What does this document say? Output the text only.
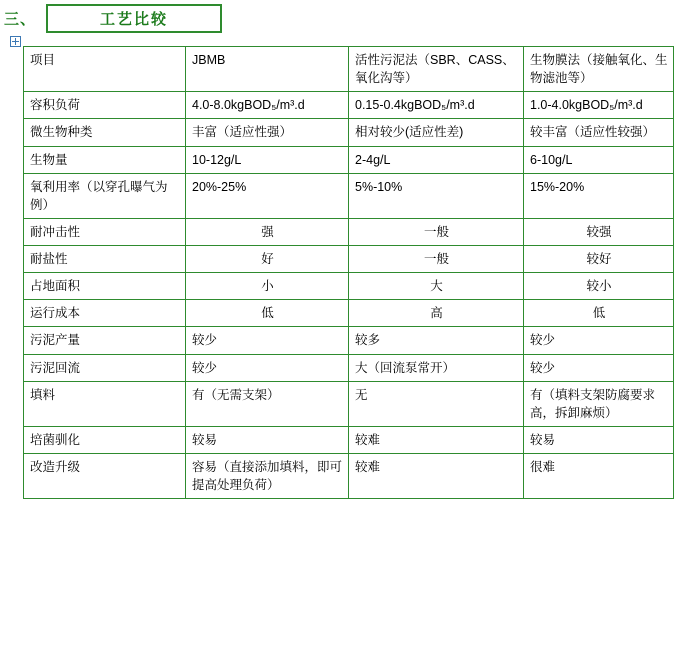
三、	工艺比较
项目	JBMB	活性污泥法（SBR、CASS、氧化沟等）	生物膜法（接触氧化、生物滤池等）
容积负荷	4.0-8.0kgBOD₅/m³.d	0.15-0.4kgBOD₅/m³.d	1.0-4.0kgBOD₅/m³.d
微生物种类	丰富（适应性强）	相对较少(适应性差)	较丰富（适应性较强）
生物量	10-12g/L	2-4g/L	6-10g/L
氧利用率（以穿孔曝气为例）	20%-25%	5%-10%	15%-20%
耐冲击性	强	一般	较强
耐盐性	好	一般	较好
占地面积	小	大	较小
运行成本	低	高	低
污泥产量	较少	较多	较少
污泥回流	较少	大（回流泵常开）	较少
填料	有（无需支架）	无	有（填料支架防腐要求高，拆卸麻烦）
培菌驯化	较易	较难	较易
改造升级	容易（直接添加填料，即可提高处理负荷）	较难	很难
